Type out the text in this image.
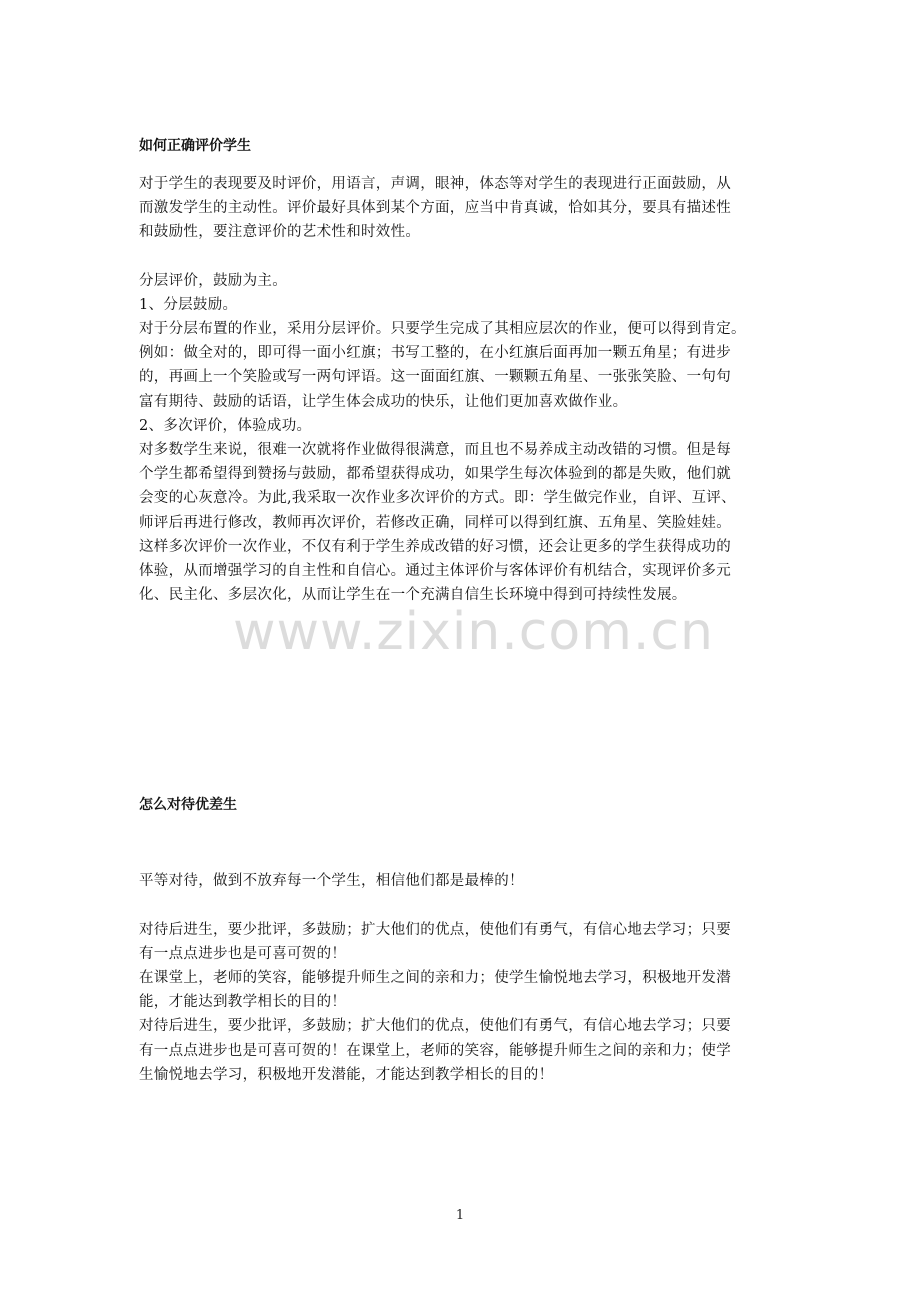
如何正确评价学生

对于学生的表现要及时评价，用语言，声调，眼神，体态等对学生的表现进行正面鼓励，从
而激发学生的主动性。评价最好具体到某个方面，应当中肯真诚，恰如其分，要具有描述性
和鼓励性，要注意评价的艺术性和时效性。

分层评价，鼓励为主。
1、分层鼓励。
对于分层布置的作业，采用分层评价。只要学生完成了其相应层次的作业，便可以得到肯定。
例如：做全对的，即可得一面小红旗；书写工整的，在小红旗后面再加一颗五角星；有进步
的，再画上一个笑脸或写一两句评语。这一面面红旗、一颗颗五角星、一张张笑脸、一句句
富有期待、鼓励的话语，让学生体会成功的快乐，让他们更加喜欢做作业。
2、多次评价，体验成功。
对多数学生来说，很难一次就将作业做得很满意，而且也不易养成主动改错的习惯。但是每
个学生都希望得到赞扬与鼓励，都希望获得成功，如果学生每次体验到的都是失败，他们就
会变的心灰意冷。为此,我采取一次作业多次评价的方式。即：学生做完作业，自评、互评、
师评后再进行修改，教师再次评价，若修改正确，同样可以得到红旗、五角星、笑脸娃娃。
这样多次评价一次作业，不仅有利于学生养成改错的好习惯，还会让更多的学生获得成功的
体验，从而增强学习的自主性和自信心。通过主体评价与客体评价有机结合，实现评价多元
化、民主化、多层次化，从而让学生在一个充满自信生长环境中得到可持续性发展。

怎么对待优差生

平等对待，做到不放弃每一个学生，相信他们都是最棒的！

对待后进生，要少批评，多鼓励；扩大他们的优点，使他们有勇气，有信心地去学习；只要
有一点点进步也是可喜可贺的！
在课堂上，老师的笑容，能够提升师生之间的亲和力；使学生愉悦地去学习，积极地开发潜
能，才能达到教学相长的目的！
对待后进生，要少批评，多鼓励；扩大他们的优点，使他们有勇气，有信心地去学习；只要
有一点点进步也是可喜可贺的！在课堂上，老师的笑容，能够提升师生之间的亲和力；使学
生愉悦地去学习，积极地开发潜能，才能达到教学相长的目的！

www.zixin.com.cn
1
